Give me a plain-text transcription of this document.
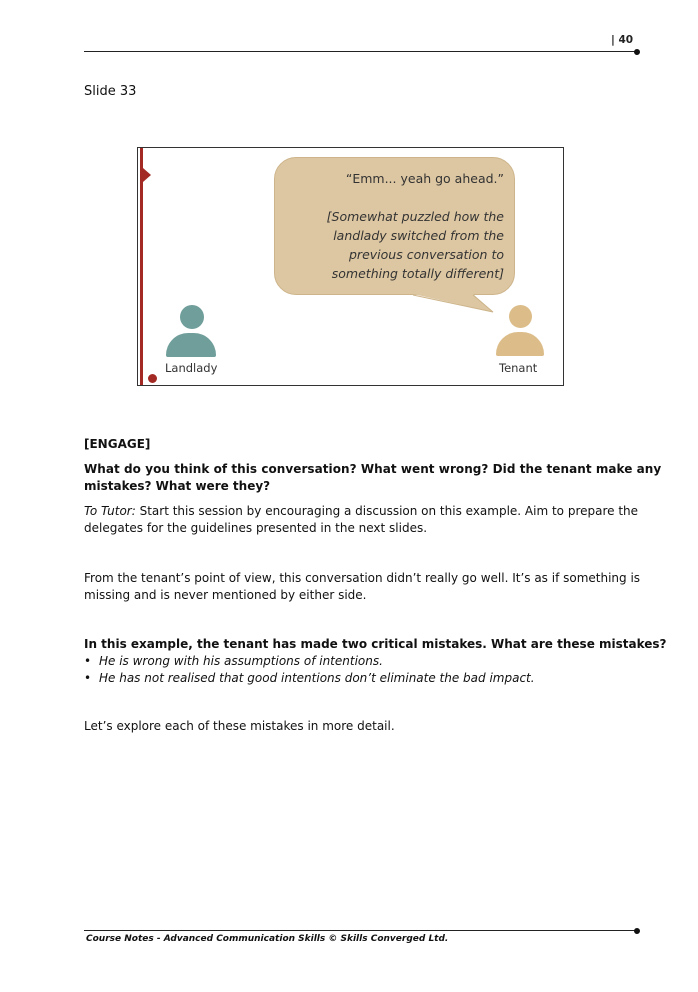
| 40
Slide 33
“Emm... yeah go ahead.”
[Somewhat puzzled how the
landlady switched from the
previous conversation to
something totally different]
Landlady	Tenant
[ENGAGE]
What do you think of this conversation? What went wrong? Did the tenant make any
mistakes? What were they?
To Tutor: Start this session by encouraging a discussion on this example. Aim to prepare the
delegates for the guidelines presented in the next slides.
From the tenant’s point of view, this conversation didn’t really go well. It’s as if something is
missing and is never mentioned by either side.
In this example, the tenant has made two critical mistakes. What are these mistakes?
• He is wrong with his assumptions of intentions.
• He has not realised that good intentions don’t eliminate the bad impact.
Let’s explore each of these mistakes in more detail.
Course Notes - Advanced Communication Skills © Skills Converged Ltd.
